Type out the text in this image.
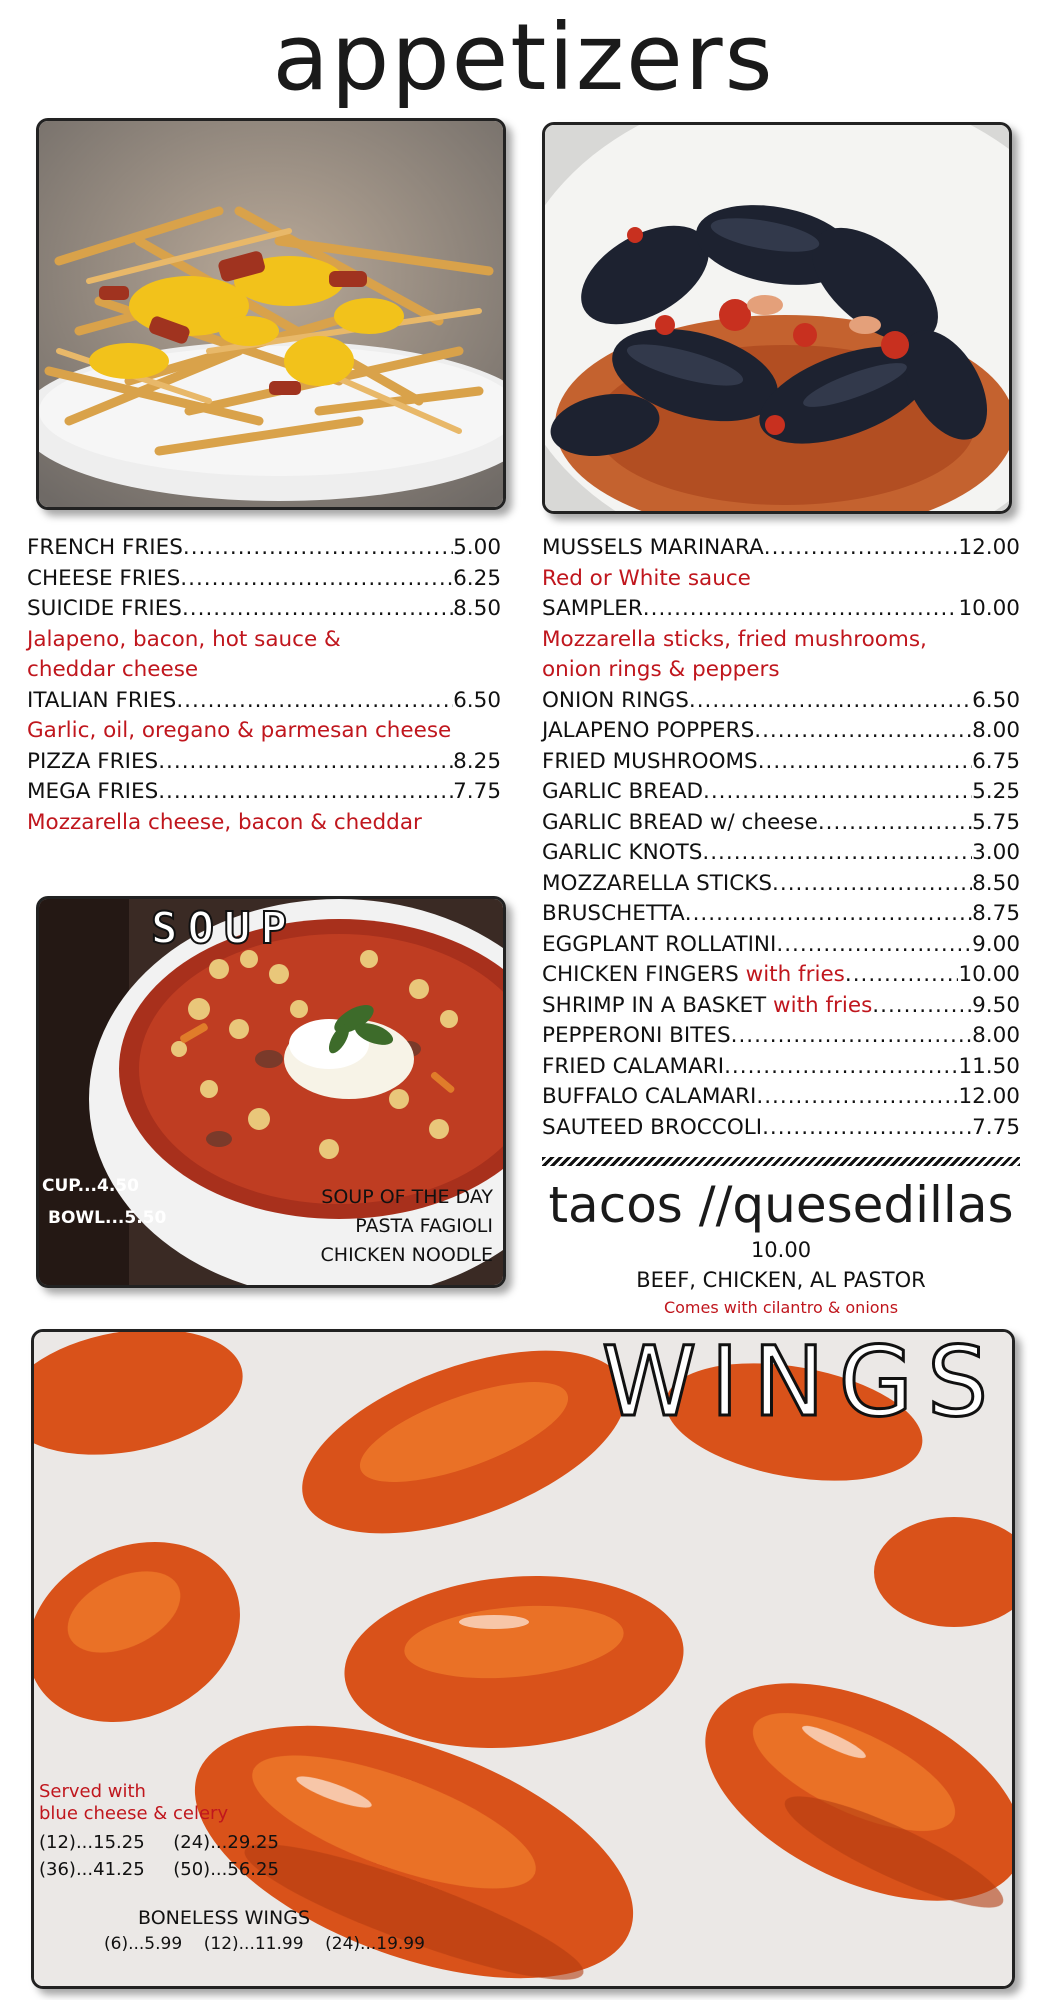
appetizers
FRENCH FRIES .....	5.00
CHEESE FRIES .....	6.25
SUICIDE FRIES .....	8.50
Jalapeno, bacon, hot sauce &
cheddar cheese
ITALIAN FRIES .....	6.50
Garlic, oil, oregano & parmesan cheese
PIZZA FRIES .....	8.25
MEGA FRIES .....	7.75
Mozzarella cheese, bacon & cheddar
MUSSELS MARINARA .....	12.00
Red or White sauce
SAMPLER .....	10.00
Mozzarella sticks, fried mushrooms,
onion rings & peppers
ONION RINGS .....	6.50
JALAPENO POPPERS .....	8.00
FRIED MUSHROOMS .....	6.75
GARLIC BREAD .....	5.25
GARLIC BREAD w/ cheese .....	5.75
GARLIC KNOTS .....	3.00
MOZZARELLA STICKS .....	8.50
BRUSCHETTA .....	8.75
EGGPLANT ROLLATINI .....	9.00
CHICKEN FINGERS with fries .....	10.00
SHRIMP IN A BASKET with fries .....	9.50
PEPPERONI BITES .....	8.00
FRIED CALAMARI .....	11.50
BUFFALO CALAMARI .....	12.00
SAUTEED BROCCOLI .....	7.75
SOUP
CUP...4.50
BOWL...5.50
SOUP OF THE DAY
PASTA FAGIOLI
CHICKEN NOODLE
tacos //quesedillas
10.00
BEEF, CHICKEN, AL PASTOR
Comes with cilantro & onions
WINGS
Served with
blue cheese & celery
(12)...15.25     (24)...29.25
(36)...41.25     (50)...56.25
BONELESS WINGS
(6)...5.99    (12)...11.99    (24)...19.99
